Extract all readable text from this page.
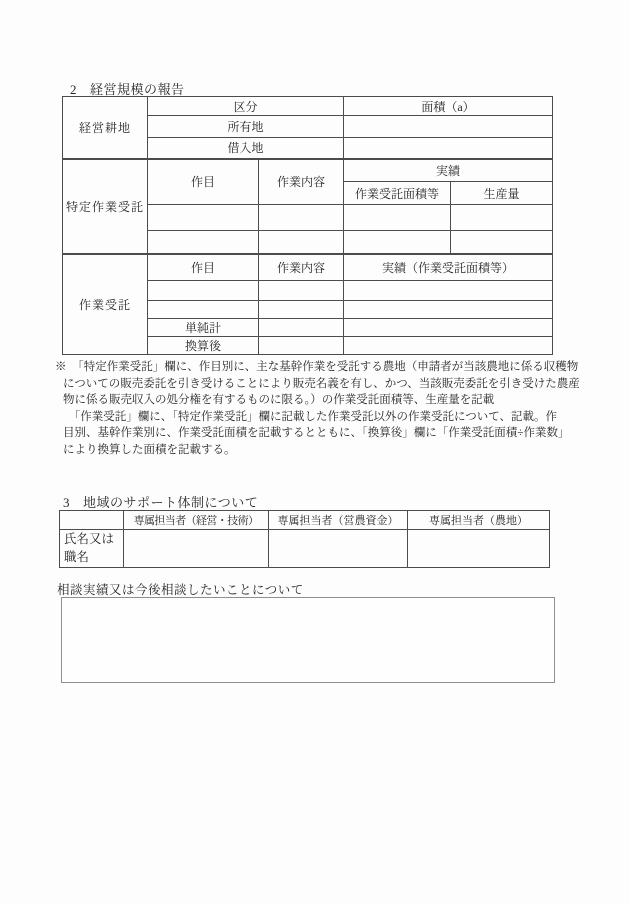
2 経営規模の報告
経営耕地	区分		面積（a）	
	所有地			
	借入地			
特定作業受託	作目	作業内容	実績	
			作業受託面積等	生産量

作業受託	作目	作業内容	実績（作業受託面積等）	

	単純計			
	換算後			
※　「特定作業受託」欄に、作目別に、主な基幹作業を受託する農地（申請者が当該農地に係る収穫物
についての販売委託を引き受けることにより販売名義を有し、かつ、当該販売委託を引き受けた農産
物に係る販売収入の処分権を有するものに限る。）の作業受託面積等、生産量を記載
　「作業受託」欄に、「特定作業受託」欄に記載した作業受託以外の作業受託について、記載。作
目別、基幹作業別に、作業受託面積を記載するとともに、「換算後」欄に「作業受託面積÷作業数」
により換算した面積を記載する。
3 地域のサポート体制について
	専属担当者（経営・技術）	専属担当者（営農資金）	専属担当者（農地）
氏名又は職名			
相談実績又は今後相談したいことについて
